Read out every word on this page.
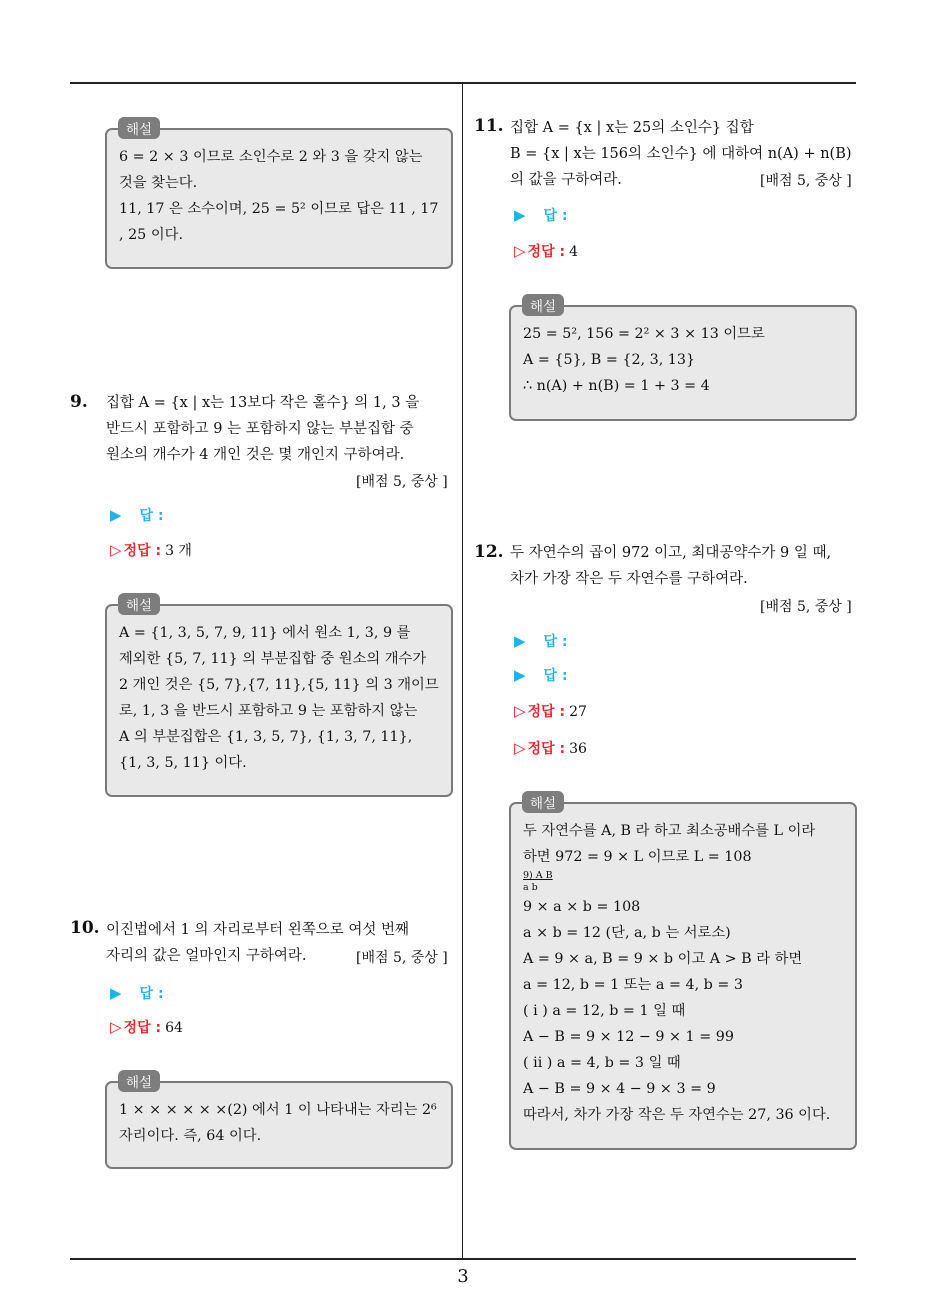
3
6 = 2 × 3 이므로 소인수로 2 와 3 을 갖지 않는
것을 찾는다.
11, 17 은 소수이며, 25 = 5² 이므로 답은 11 , 17
, 25 이다.
해설
9. 집합 A = {x | x는 13보다 작은 홀수} 의 1, 3 을
반드시 포함하고 9 는 포함하지 않는 부분집합 중
원소의 개수가 4 개인 것은 몇 개인지 구하여라.
[배점 5, 중상 ]
▶ 답 :
▷ 정답 : 3 개
A = {1, 3, 5, 7, 9, 11} 에서 원소 1, 3, 9 를
제외한 {5, 7, 11} 의 부분집합 중 원소의 개수가
2 개인 것은 {5, 7},{7, 11},{5, 11} 의 3 개이므
로, 1, 3 을 반드시 포함하고 9 는 포함하지 않는
A 의 부분집합은 {1, 3, 5, 7}, {1, 3, 7, 11},
{1, 3, 5, 11} 이다.
해설
10. 이진법에서 1 의 자리로부터 왼쪽으로 여섯 번째
자리의 값은 얼마인지 구하여라.	[배점 5, 중상 ]
▶ 답 :
▷ 정답 : 64
1 × × × × × ×(2) 에서 1 이 나타내는 자리는 2⁶
자리이다. 즉, 64 이다.
해설
11. 집합 A = {x | x는 25의 소인수} 집합
B = {x | x는 156의 소인수} 에 대하여 n(A) + n(B)
의 값을 구하여라.	[배점 5, 중상 ]
▶ 답 :
▷ 정답 : 4
25 = 5², 156 = 2² × 3 × 13 이므로
A = {5}, B = {2, 3, 13}
∴ n(A) + n(B) = 1 + 3 = 4
해설
12. 두 자연수의 곱이 972 이고, 최대공약수가 9 일 때,
차가 가장 작은 두 자연수를 구하여라.
[배점 5, 중상 ]
▶ 답 :
▶ 답 :
▷ 정답 : 27
▷ 정답 : 36
두 자연수를 A, B 라 하고 최소공배수를 L 이라
하면 972 = 9 × L 이므로 L = 108
9) A B
a b
9 × a × b = 108
a × b = 12 (단, a, b 는 서로소)
A = 9 × a, B = 9 × b 이고 A > B 라 하면
a = 12, b = 1 또는 a = 4, b = 3
( i ) a = 12, b = 1 일 때
A − B = 9 × 12 − 9 × 1 = 99
( ii ) a = 4, b = 3 일 때
A − B = 9 × 4 − 9 × 3 = 9
따라서, 차가 가장 작은 두 자연수는 27, 36 이다.
해설
